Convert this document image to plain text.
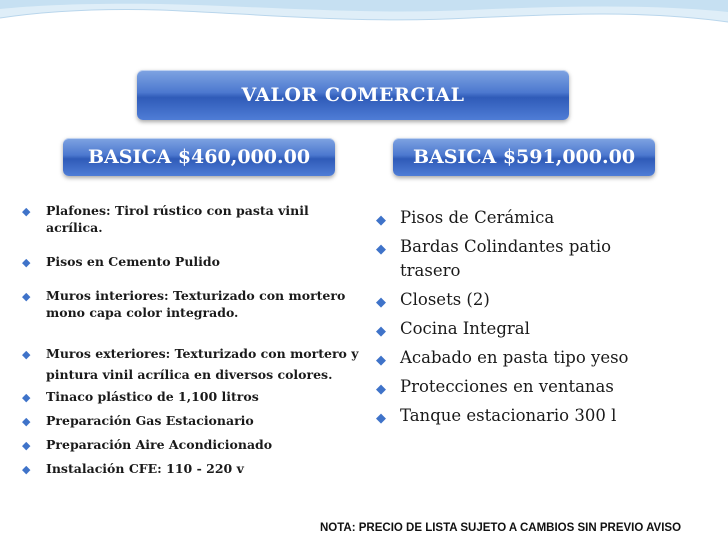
VALOR COMERCIAL
BASICA $460,000.00	BASICA $591,000.00
Plafones: Tirol rústico con pasta vinil acrílica.
Pisos en Cemento Pulido
Muros interiores: Texturizado con mortero mono capa color integrado.
Muros exteriores: Texturizado con mortero y pintura vinil acrílica en diversos colores.
Tinaco plástico de 1,100 litros
Preparación Gas Estacionario
Preparación Aire Acondicionado
Instalación CFE: 110 - 220 v
Pisos de Cerámica
Bardas Colindantes patio trasero
Closets (2)
Cocina Integral
Acabado en pasta tipo yeso
Protecciones en ventanas
Tanque estacionario 300 l
NOTA: PRECIO DE LISTA SUJETO A CAMBIOS SIN PREVIO AVISO
